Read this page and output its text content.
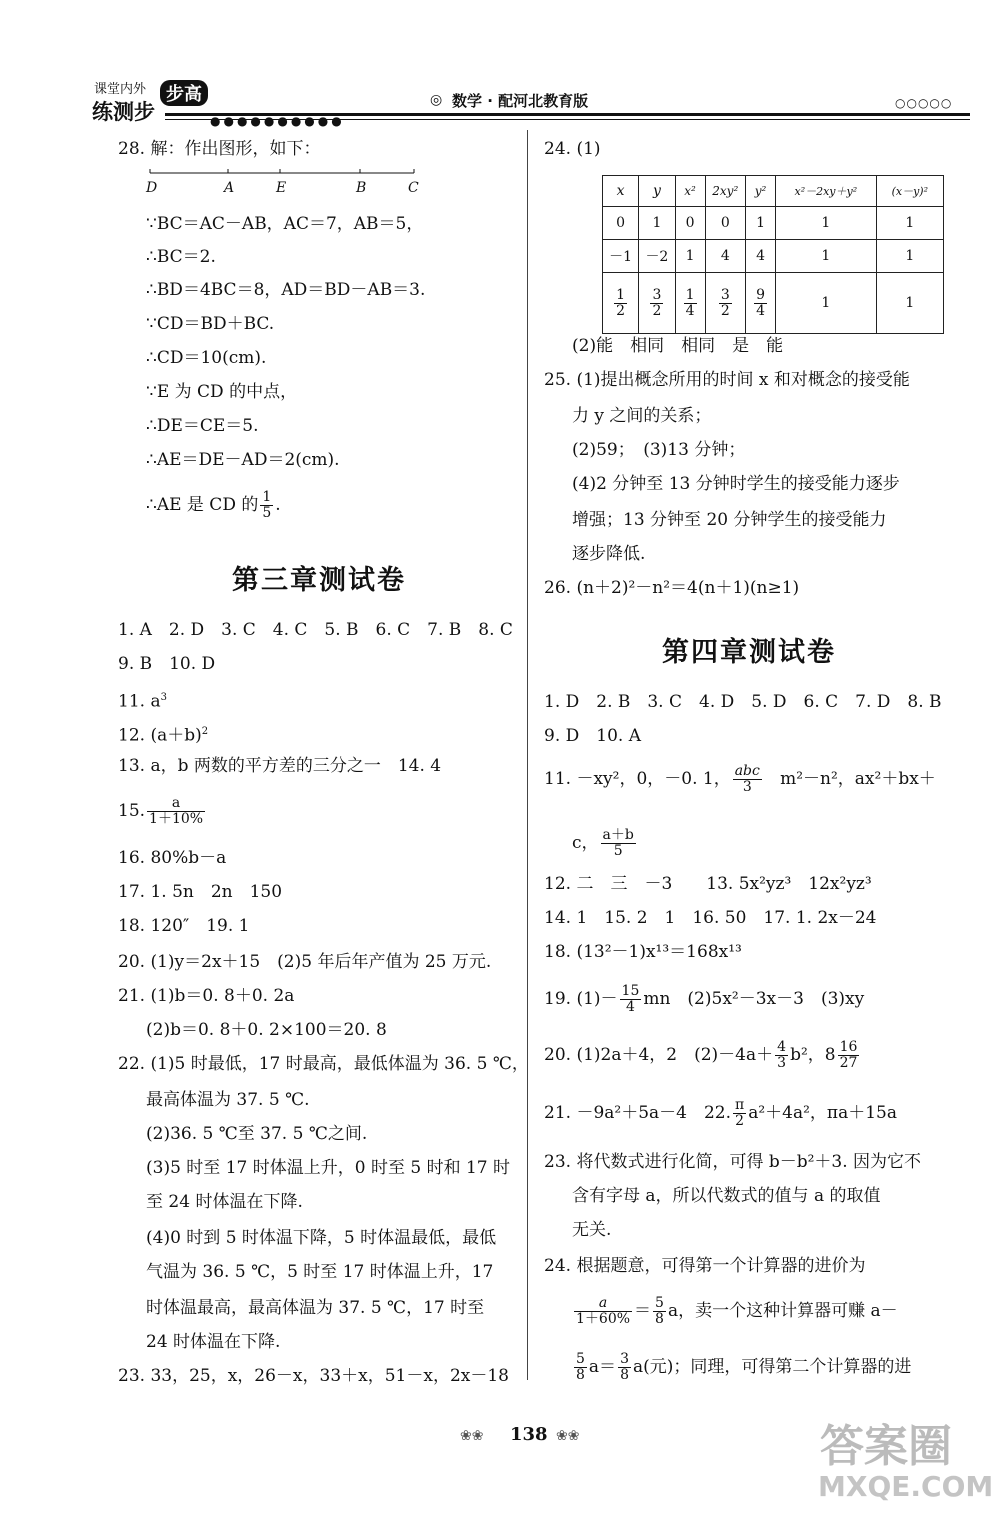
课堂内外
练测步
步高
●●●●●●●●●●
◎ 数学 · 配河北教育版	○○○○○
28. 解：作出图形，如下：
D	A	E	B	C
∵BC＝AC－AB，AC＝7，AB＝5，
∴BC＝2.
∴BD＝4BC＝8，AD＝BD－AB＝3.
∵CD＝BD＋BC.
∴CD＝10(cm).
∵E 为 CD 的中点，
∴DE＝CE＝5.
∴AE＝DE－AD＝2(cm).
∴AE 是 CD 的 $\frac{1}{5}$ .
第三章测试卷
1. A　2. D　3. C　4. C　5. B　6. C　7. B　8. C
9. B　10. D
11. $a^3$
12. $(a+b)^2$
13. a，b 两数的平方差的三分之一　14. 4
15. $\frac{a}{1+10\%}$
16. 80%b－a
17. 1. 5n　2n　150
18. 120″　19. 1
20. (1)y＝2x＋15　(2)5 年后年产值为 25 万元.
21. (1)b＝0. 8＋0. 2a
(2)b＝0. 8＋0. 2×100＝20. 8
22. (1)5 时最低，17 时最高，最低体温为 36. 5 ℃，
最高体温为 37. 5 ℃.
(2)36. 5 ℃至 37. 5 ℃之间.
(3)5 时至 17 时体温上升，0 时至 5 时和 17 时
至 24 时体温在下降.
(4)0 时到 5 时体温下降，5 时体温最低，最低
气温为 36. 5 ℃，5 时至 17 时体温上升，17
时体温最高，最高体温为 37. 5 ℃，17 时至
24 时体温在下降.
23. 33，25，x，26－x，33＋x，51－x，2x－18
24. (1)
x	y	x²	2xy²	y²	x²－2xy＋y²	(x－y)²
0	1	0	0	1	1	1
－1	－2	1	4	4	1	1

$\frac{1}{2}$	$\frac{3}{2}$	$\frac{1}{4}$	$\frac{3}{2}$	$\frac{9}{4}$	1	1
(2)能　相同　相同　是　能
25. (1)提出概念所用的时间 x 和对概念的接受能
力 y 之间的关系；
(2)59；　(3)13 分钟；
(4)2 分钟至 13 分钟时学生的接受能力逐步
增强；13 分钟至 20 分钟学生的接受能力
逐步降低.
26. (n＋2)²－n²＝4(n＋1)(n≥1)
第四章测试卷
1. D　2. B　3. C　4. D　5. D　6. C　7. D　8. B
9. D　10. A
11. －xy²，0，－0. 1， $\frac{\text{abc}}{3} m^2-n^2$，ax²＋bx＋
c， $\frac{a+b}{5}$
12. 二　三　－3　　13. 5x²yz³　12x²yz³
14. 1　15. 2　1　16. 50　17. 1. 2x－24
18. (13²－1)x¹³＝168x¹³
19. $(1)- \frac{15}{4}$ mn　(2)5x²－3x－3　(3)xy
20. (1)2a＋4，2　$(2)-4a+ \frac{4}{3} b^2$，$8 \frac{16}{27}$
21. －9a²＋5a－4　22. $\frac{\pi}{2} a^2+4a^2$，πa＋15a
23. 将代数式进行化简，可得 b－b²＋3. 因为它不
含有字母 a，所以代数式的值与 a 的取值
无关.
24. 根据题意，可得第一个计算器的进价为
$\frac{a}{1+60\%} = \frac{5}{8}$ a，卖一个这种计算器可赚 a－
$\frac{5}{8} a= \frac{3}{8} a$(元)；同理，可得第二个计算器的进
❀❀ 138 ❀❀	答案圈
MXQE.COM
